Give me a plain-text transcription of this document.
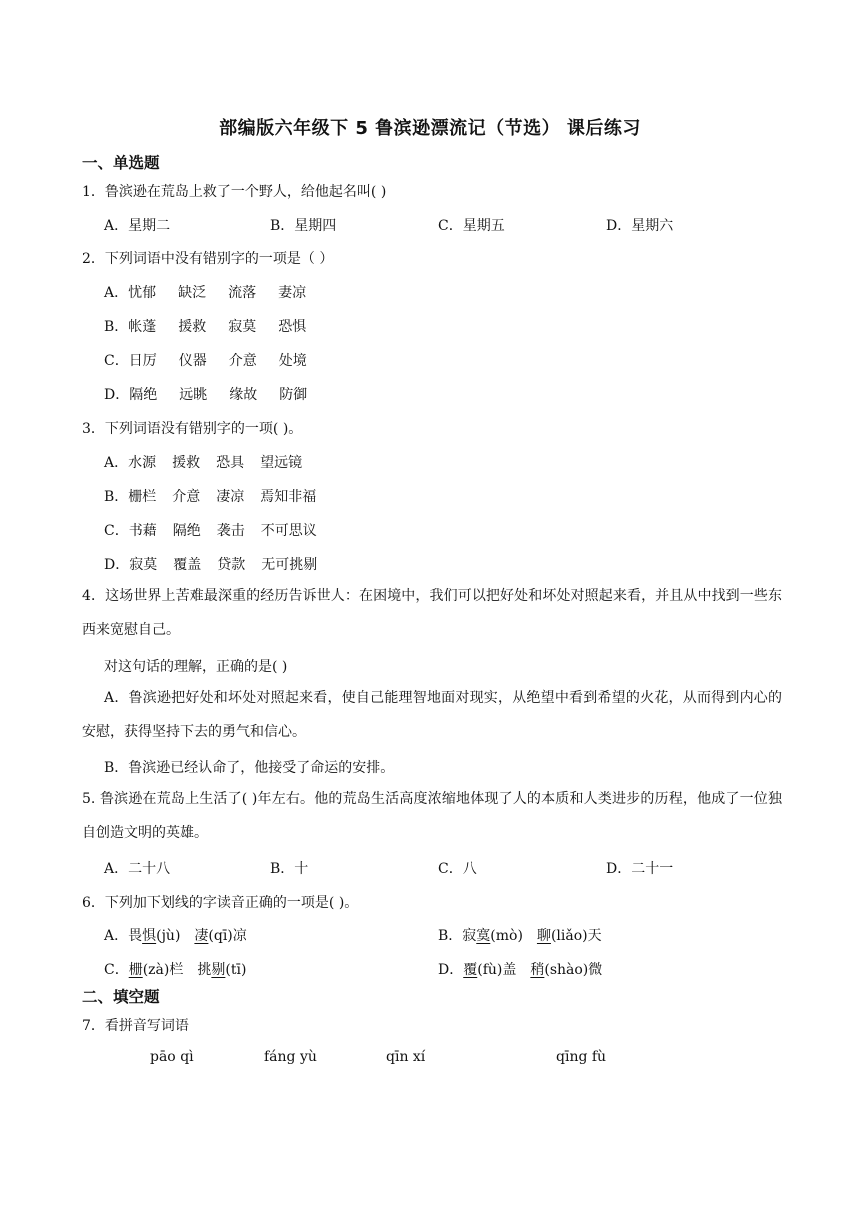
部编版六年级下 5 鲁滨逊漂流记（节选） 课后练习
一、单选题
1．鲁滨逊在荒岛上救了一个野人，给他起名叫( )
A．星期二	B．星期四	C．星期五	D．星期六
2．下列词语中没有错别字的一项是（ ）
A．忧郁 缺泛 流落 妻凉
B．帐蓬 援救 寂莫 恐惧
C．日厉 仪器 介意 处境
D．隔绝 远眺 缘故 防御
3．下列词语没有错别字的一项( )。
A．水源 援救 恐具 望远镜
B．栅栏 介意 凄凉 焉知非福
C．书藉 隔绝 袭击 不可思议
D．寂莫 覆盖 贷款 无可挑剔
4．这场世界上苦难最深重的经历告诉世人：在困境中，我们可以把好处和坏处对照起来看，并且从中找到一些东西来宽慰自己。
对这句话的理解，正确的是( )
A．鲁滨逊把好处和坏处对照起来看，使自己能理智地面对现实，从绝望中看到希望的火花，从而得到内心的安慰，获得坚持下去的勇气和信心。
B．鲁滨逊已经认命了，他接受了命运的安排。
5. 鲁滨逊在荒岛上生活了( )年左右。他的荒岛生活高度浓缩地体现了人的本质和人类进步的历程，他成了一位独自创造文明的英雄。
A．二十八	B．十	C．八	D．二十一
6．下列加下划线的字读音正确的一项是( )。
A．畏惧(jù) 凄(qī)凉	B．寂寞(mò) 聊(liǎo)天
C．栅(zà)栏 挑剔(tī)	D．覆(fù)盖 稍(shào)微
二、填空题
7．看拼音写词语
pāo qì	fáng yù	qīn xí	qīng fù
